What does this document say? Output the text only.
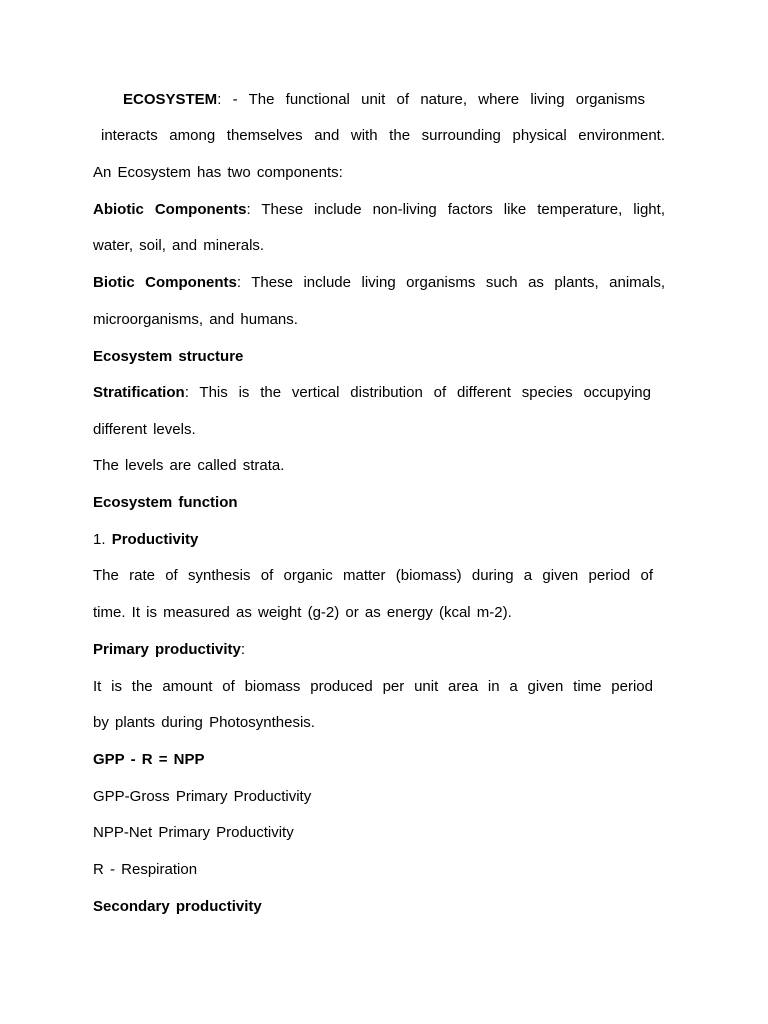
ECOSYSTEM: - The functional unit of nature, where living organisms
interacts among themselves and with the surrounding physical environment.
An Ecosystem has two components:
Abiotic Components: These include non-living factors like temperature, light,
water, soil, and minerals.
Biotic Components: These include living organisms such as plants, animals,
microorganisms, and humans.
Ecosystem structure
Stratification: This is the vertical distribution of different species occupying
different levels.
The levels are called strata.
Ecosystem function
1. Productivity
The rate of synthesis of organic matter (biomass) during a given period of
time. It is measured as weight (g-2) or as energy (kcal m-2).
Primary productivity:
It is the amount of biomass produced per unit area in a given time period
by plants during Photosynthesis.
GPP - R = NPP
GPP-Gross Primary Productivity
NPP-Net Primary Productivity
R - Respiration
Secondary productivity
